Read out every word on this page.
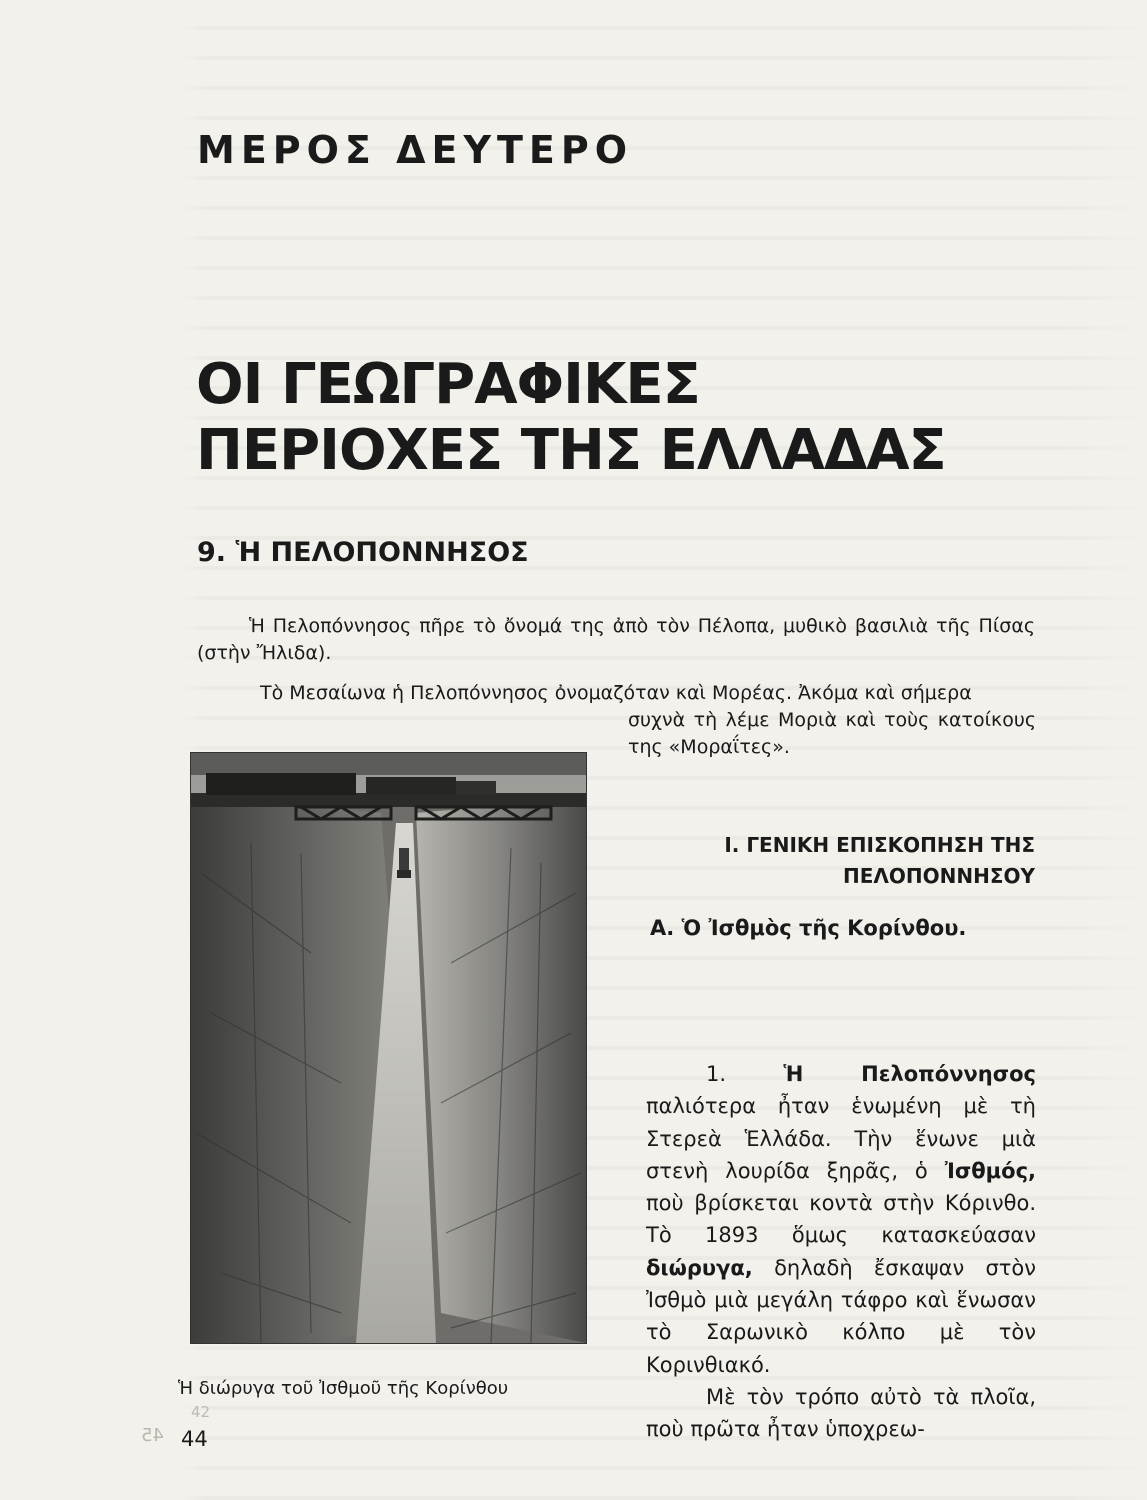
ΜΕΡΟΣ ΔΕΥΤΕΡΟ
ΟΙ ΓΕΩΓΡΑΦΙΚΕΣ
ΠΕΡΙΟΧΕΣ ΤΗΣ ΕΛΛΑΔΑΣ
9. Ἡ ΠΕΛΟΠΟΝΝΗΣΟΣ
Ἡ Πελοπόννησος πῆρε τὸ ὄνομά της ἀπὸ τὸν Πέλοπα, μυθικὸ βασιλιὰ τῆς Πίσας (στὴν Ἤλιδα).
Τὸ Μεσαίωνα ἡ Πελοπόννησος ὀνομαζόταν καὶ Μορέας. Ἀκόμα καὶ σήμερα
συχνὰ τὴ λέμε Μοριὰ καὶ τοὺς κατοίκους της «Μοραΐτες».
Ἡ διώρυγα τοῦ Ἰσθμοῦ τῆς Κορίνθου
Ι. ΓΕΝΙΚΗ ΕΠΙΣΚΟΠΗΣΗ ΤΗΣ
ΠΕΛΟΠΟΝΝΗΣΟΥ
Α. Ὁ Ἰσθμὸς τῆς Κορίνθου.

1.	Ἡ Πελοπόννησος παλιότερα ἦταν ἑνωμένη μὲ τὴ Στερεὰ Ἑλλάδα. Τὴν ἕνωνε μιὰ στενὴ λουρίδα ξηρᾶς, ὁ Ἰσθμός, ποὺ βρίσκεται κοντὰ στὴν Κόρινθο. Τὸ 1893 ὅμως κατασκεύασαν διώρυγα, δηλαδὴ ἔσκαψαν στὸν Ἰσθμὸ μιὰ μεγάλη τάφρο καὶ ἕνωσαν τὸ Σαρωνικὸ κόλπο μὲ τὸν Κορινθιακό.

Μὲ τὸν τρόπο αὐτὸ τὰ πλοῖα, ποὺ πρῶτα ἦταν ὑποχρεω-

42
45 44
